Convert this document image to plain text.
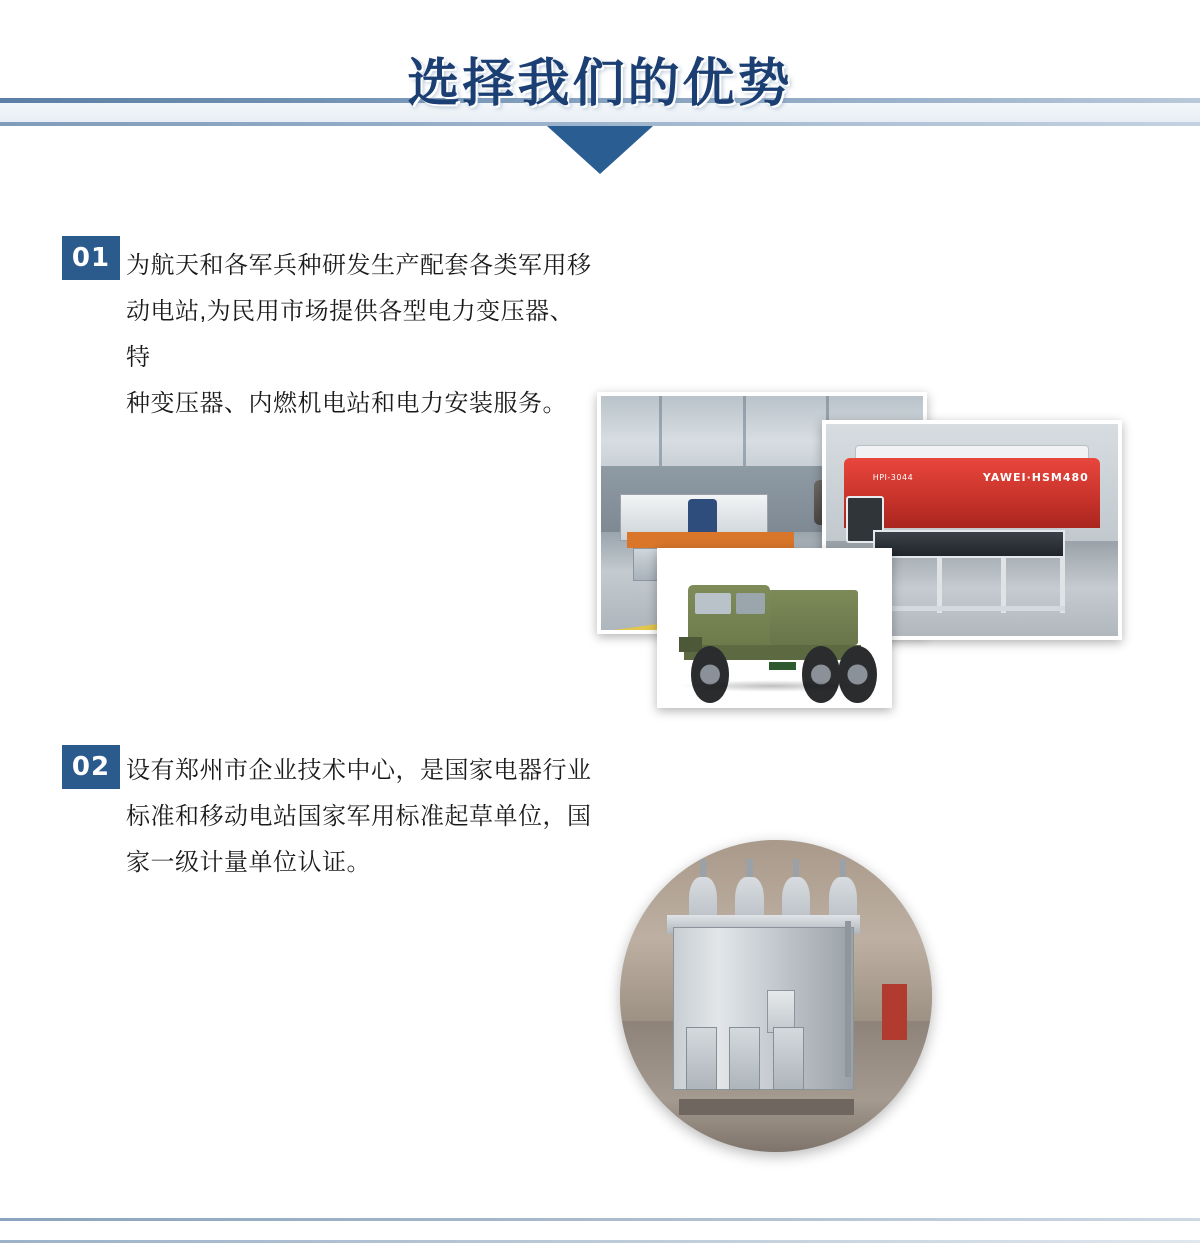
选择我们的优势
01 为航天和各军兵种研发生产配套各类军用移
动电站,为民用市场提供各型电力变压器、特
种变压器、内燃机电站和电力安装服务。
HPI-3044	YAWEI·HSM480
02 设有郑州市企业技术中心，是国家电器行业
标准和移动电站国家军用标准起草单位，国
家一级计量单位认证。
